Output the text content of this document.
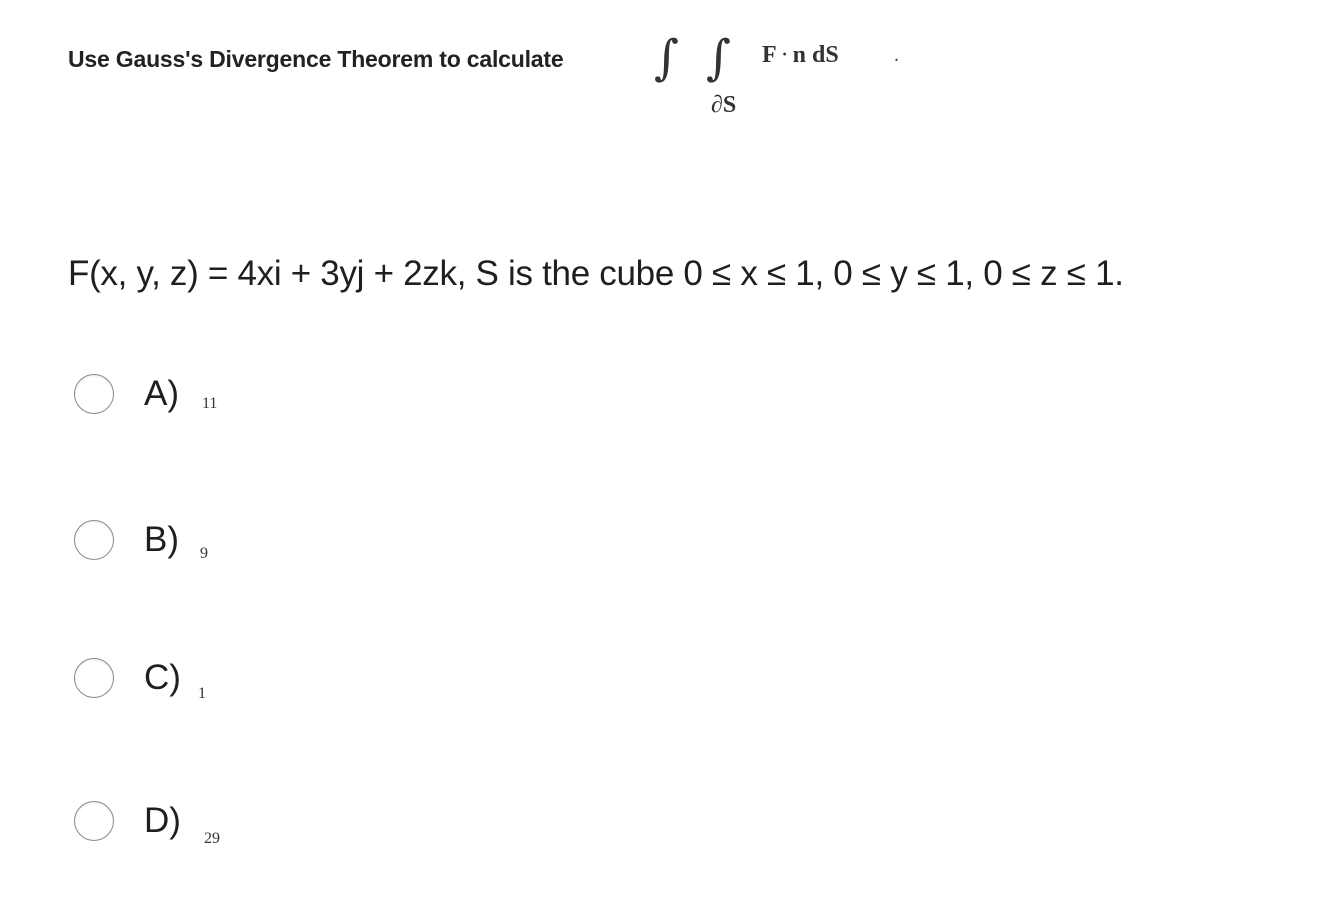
Use Gauss's Divergence Theorem to calculate ∫ ∫ F · n dS	.
∂S
F(x, y, z) = 4xi + 3yj + 2zk, S is the cube 0 ≤ x ≤ 1, 0 ≤ y ≤ 1, 0 ≤ z ≤ 1.
A) 11
B) 9
C) 1
D) 29
